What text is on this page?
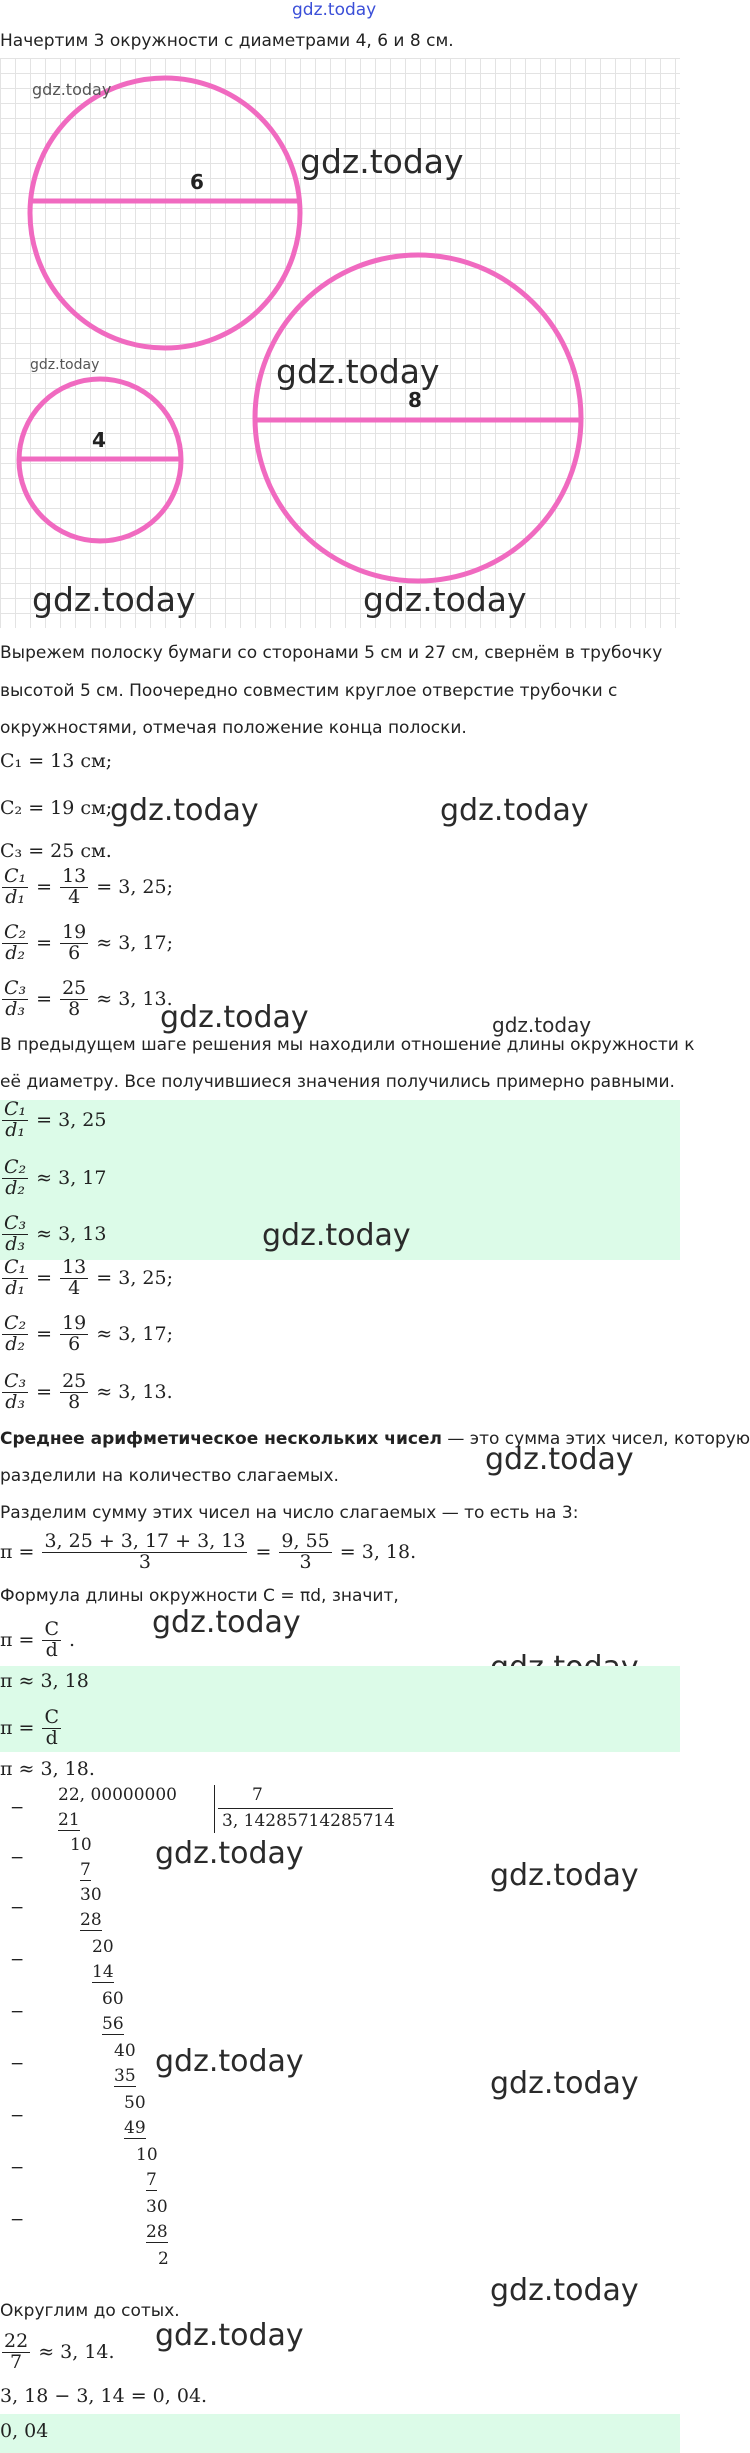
gdz.today
Начертим 3 окружности с диаметрами 4, 6 и 8 см.
6
8
4
gdz.today
gdz.today
gdz.today	gdz.today
gdz.today	gdz.today
Вырежем полоску бумаги со сторонами 5 см и 27 см, свернём в трубочку
высотой 5 см. Поочередно совместим круглое отверстие трубочки с
окружностями, отмечая положение конца полоски.
C₁ = 13 см;
C₂ = 19 см;
gdz.today	gdz.today
C₃ = 25 см.
$\frac{\text{C₁}}{\text{d₁}} = \frac{13}{4} = 3$, 25;
$\frac{\text{C₂}}{\text{d₂}} = \frac{19}{6} \approx 3$, 17;
$\frac{\text{C₃}}{\text{d₃}} = \frac{25}{8} \approx 3$, 13.
gdz.today	gdz.today
В предыдущем шаге решения мы находили отношение длины окружности к
её диаметру. Все получившиеся значения получились примерно равными.
$\frac{\text{C₁}}{\text{d₁}} = 3$, 25
$\frac{\text{C₂}}{\text{d₂}} \approx 3$, 17
$\frac{\text{C₃}}{\text{d₃}} \approx 3$, 13	gdz.today
$\frac{\text{C₁}}{\text{d₁}} = \frac{13}{4} = 3$, 25;
$\frac{\text{C₂}}{\text{d₂}} = \frac{19}{6} \approx 3$, 17;
$\frac{\text{C₃}}{\text{d₃}} = \frac{25}{8} \approx 3$, 13.
Среднее арифметическое нескольких чисел — это сумма этих чисел, которую
gdz.today
разделили на количество слагаемых.
Разделим сумму этих чисел на число слагаемых — то есть на 3:
$\pi = \frac{3, 25 + 3, 17 + 3, 13}{3} = \frac{9, 55}{3} = 3$, 18.
Формула длины окружности C = πd, значит,
gdz.today
$\pi = \frac{C}{d}$ .
π ≈ 3, 18
$\pi = \frac{C}{d}$
π ≈ 3, 18.
22, 00000000	7
3, 14285714285714
−
21
10
−
7
30
−
28
20
−
14
60
−
56
40
−
35
50
−
49
10
−
7
30
−
28
2
gdz.today
gdz.today
gdz.today
gdz.today
gdz.today
Округлим до сотых.
$\frac{22}{7} \approx 3$, 14. gdz.today
3, 18 − 3, 14 = 0, 04.
0, 04
